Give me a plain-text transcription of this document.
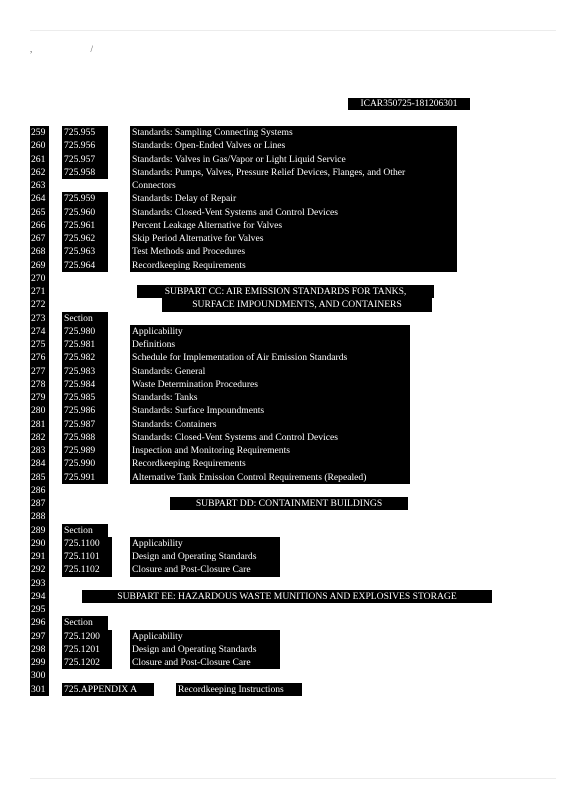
, /
ICAR350725-181206301
259	725.955	Standards: Sampling Connecting Systems
260	725.956	Standards: Open-Ended Valves or Lines
261	725.957	Standards: Valves in Gas/Vapor or Light Liquid Service
262	725.958	Standards: Pumps, Valves, Pressure Relief Devices, Flanges, and Other
263	Connectors
264	725.959	Standards: Delay of Repair
265	725.960	Standards: Closed-Vent Systems and Control Devices
266	725.961	Percent Leakage Alternative for Valves
267	725.962	Skip Period Alternative for Valves
268	725.963	Test Methods and Procedures
269	725.964	Recordkeeping Requirements
270
271	SUBPART CC: AIR EMISSION STANDARDS FOR TANKS,
272	SURFACE IMPOUNDMENTS, AND CONTAINERS
273	Section
274	725.980	Applicability
275	725.981	Definitions
276	725.982	Schedule for Implementation of Air Emission Standards
277	725.983	Standards: General
278	725.984	Waste Determination Procedures
279	725.985	Standards: Tanks
280	725.986	Standards: Surface Impoundments
281	725.987	Standards: Containers
282	725.988	Standards: Closed-Vent Systems and Control Devices
283	725.989	Inspection and Monitoring Requirements
284	725.990	Recordkeeping Requirements
285	725.991	Alternative Tank Emission Control Requirements (Repealed)
286
287	SUBPART DD: CONTAINMENT BUILDINGS
288
289	Section
290	725.1100	Applicability
291	725.1101	Design and Operating Standards
292	725.1102	Closure and Post-Closure Care
293
294	SUBPART EE: HAZARDOUS WASTE MUNITIONS AND EXPLOSIVES STORAGE
295
296	Section
297	725.1200	Applicability
298	725.1201	Design and Operating Standards
299	725.1202	Closure and Post-Closure Care
300
301	725.APPENDIX A	Recordkeeping Instructions
